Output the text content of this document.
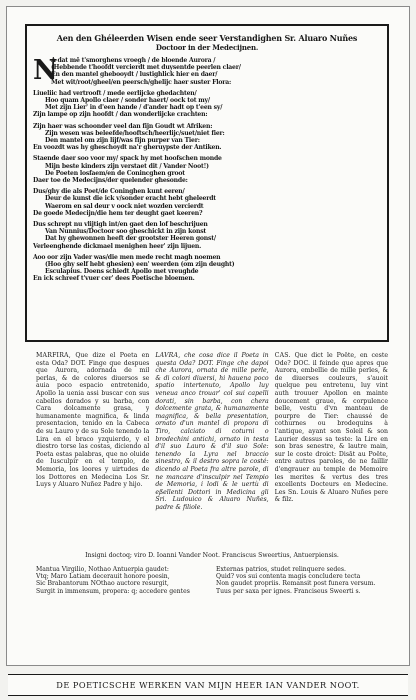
Aen den Ghéleerden Wisen ende seer Verstandighen Sr. Aluaro Nuñes
Doctoor in der Medecijnen.
N
A dat mē t'smorghens vroegh / de bloende Aurora /
(Hebbende t'hoofdt vercierdt met duysentde peerlen claer/
En den mantel ghebooydt / lustighlick hier en daer/
Met wit/root/gheel/en peersch/ghelijc haer suster Flora:
Liueliic had vertrooft / mede eerlijcke ghedachten/
Hoo quam Apollo claer / sonder haert/ oock tot my/
Met zijn Lier' in d'een hande / d'ander hadt op t'een sy/
Zijn lampe op zijn hoofdt / dan wonderlijcke crachten:
Zijn haer was schoonder veel dan fijn Goudt wt Afriken:
Zijn wesen was beleefde/hooftsch/heerlijc/suet/niet fier:
Den mantel om zijn lijf/was fijn purper van Tier:
En voozdt was hy gheschoydt na'r gheruypste der Antiken.
Staende daer soo voor my/ spack hy met hoofschen monde
Mijn beste kinders zijn verstaet dit / Vander Noot!)
De Poeten losfaem/en de Conincghen groot
Daer toe de Medecijns/der quelender ghesonde:
Dus/ghy die als Poet/de Coninghen kunt eeren/
Deur de kunst die ick v/sonder eracht hebt gheleerdt
Waerom en sal deur v oock niet wozden vercierdt
De goede Medecijn/die hem ter deught gaet keeren?
Dus schrept nu vlijtigh int/en gaet den lof beschrijuen
Van Nunnius/Doctoor soo gheschickt in zijn konst
Dat hy ghewonnen heeft der grootster Heeren gonst/
Verleenghende dickmael menighen heer' zijn lijuen.
Aoo oor zijn Vader was/die men mede recht magh noemen
(Hoo ghy self hebt ghesien) een' weerden (om zijn deught)
Esculapius. Doens schiedt Apollo met vreughde
En ick schreef t'vuer cer' dees Poetische bloemen.
MARFIRA, Que dize el Poeta en esta Oda? DOT. Finge que despues que Aurora, adornada de mil perlas, & de colores diuersos se auia poco espacio entretenido, Apollo la uenia assi buscar con sus cabellos dorados y su barba, con Cara dolcamente grasa, y humanamente magnifica, & linda presentacion, tenido en la Cabeca de su Lauro y de su Sole tenendo la Lira en el braco yzquierdo, y el diestro torse las costas, diciendo al Poeta estas palabras, que no oluide de Iusculpir en el templo, de Memoria, los loores y uirtudes de los Dottores en Medecina Los Sr. Luys y Aluaro Nuñez Padre y hijo.
LAVRA, che cosa dice il Poeta in questa Oda? DOT. Finge che dapoi che Aurora, ornata de mille perle, & di colori diuersi, hi hauena poco spatio intertenuto, Apollo luy veneua anco trouar' col sui capelli dorati, sin barba, con chera dolcemente grata, & humanamente magnifica, & bella presentation, ornato d'un mantel di propora di Tiro, calciato di coturni o brodechini antichi, ornato in testa d'il suo Lauro & d'il suo Sole: tenendo la Lyra nel braccio sinestro, & il destro sopra le costé: dicendo al Poeta fra altre parole, di ne mancare d'insculpir nel Tempio de Memoria, i lodi & le uertù di eßellenti Dottori in Medicina gli Sri. Ludouico & Aluaro Nuñes, padre & filiole.
CAS. Que dict le Poëte, en ceste Ode? DOC. il feinde que apres que Aurora, embellie de mille perles, & de diuerses couleurs, s'auoit quelque peu entretenu, luy vint auth trouuer Apollon en mainte doucement graue, & corpulence belle, vestu d'vn manteau de pourpre de Tier: chaussé de cothurnes ou brodequins à l'antique, ayant son Soleil & son Laurier dessus sa teste: la Lire en son bras senestre, & lautre main, sur le coste droict: Disāt au Poëte, entre autres paroles, de ne faillir d'engrauer au temple de Memoire les merites & vertus des tres excellents Docteurs en Medecine. Les Sn. Louis & Aluaro Nuñes pere & filz.
Insigni doctoq; viro D. Ioanni Vander Noot. Franciscus Sweertius, Antuerpiensis.
Mantua Virgilio, Nothao Antuerpia gaudet:
Vtq; Maro Latiam decerauit honore poesin,
Sic Brabantorum NOthao auctore resurgit,
Surgit in immensum, propera: q; accedere gentes
Externas patrios, studet relinquere sedes.
Quid? vos sui contenta magis concludere tecta
Non gaudet propriis. Remansit post funera versum.
Tuus per saxa per ignes. Franciseus Sweerti s.
DE POETICSCHE WERKEN VAN MIJN HEER IAN VANDER NOOT.
